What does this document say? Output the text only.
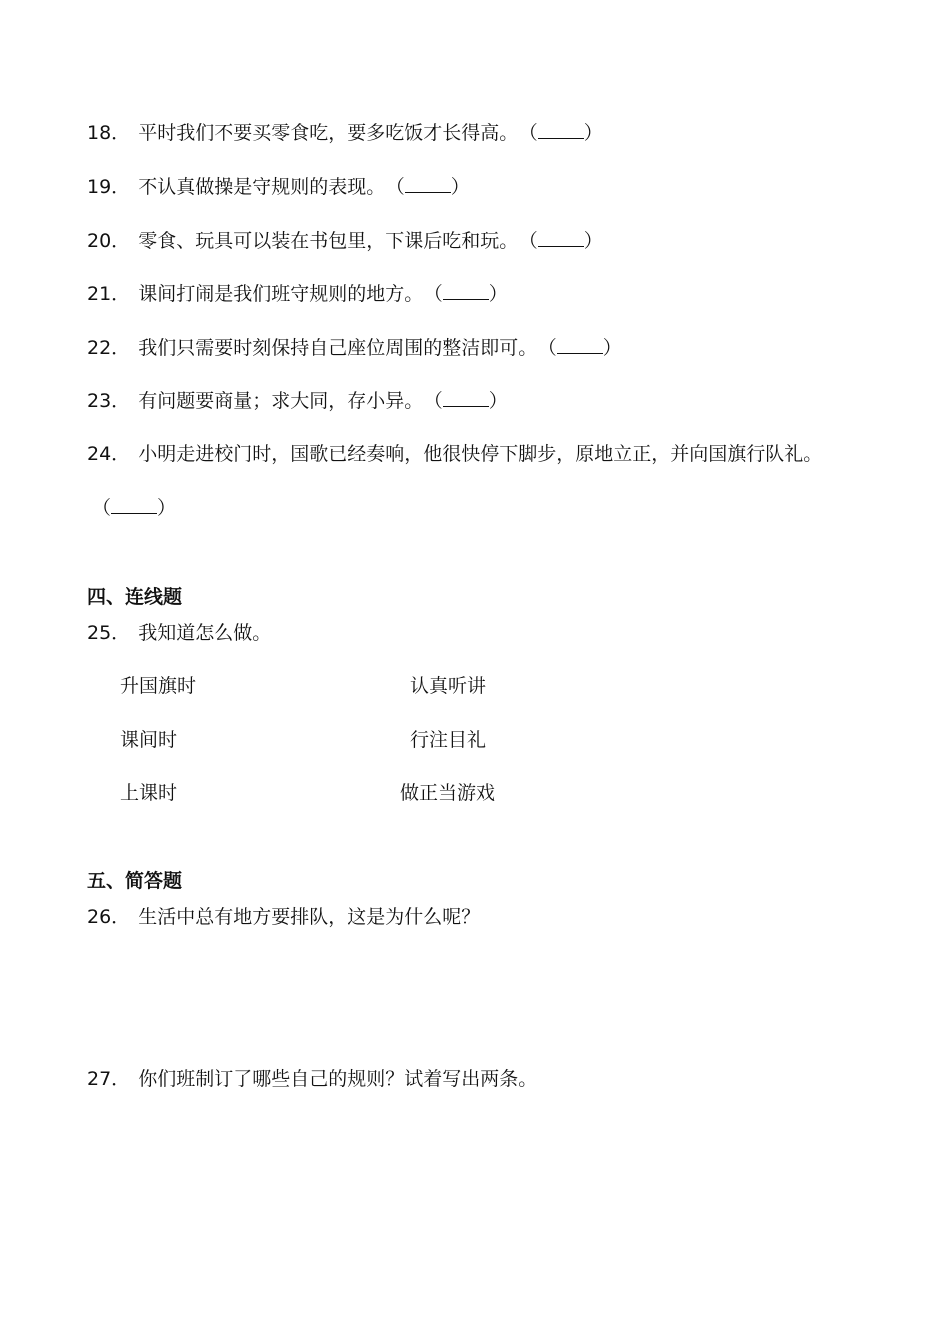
18． 平时我们不要买零食吃，要多吃饭才长得高。 （ ）
19． 不认真做操是守规则的表现。 （ ）
20． 零食、玩具可以装在书包里，下课后吃和玩。 （ ）
21． 课间打闹是我们班守规则的地方。 （ ）
22． 我们只需要时刻保持自己座位周围的整洁即可。 （ ）
23． 有问题要商量；求大同，存小异。 （ ）
24． 小明走进校门时，国歌已经奏响，他很快停下脚步，原地立正，并向国旗行队礼。
（ ）
四、连线题
25． 我知道怎么做。
升国旗时
课间时
上课时
认真听讲
行注目礼
做正当游戏
五、简答题
26． 生活中总有地方要排队，这是为什么呢？
27． 你们班制订了哪些自己的规则？试着写出两条。
